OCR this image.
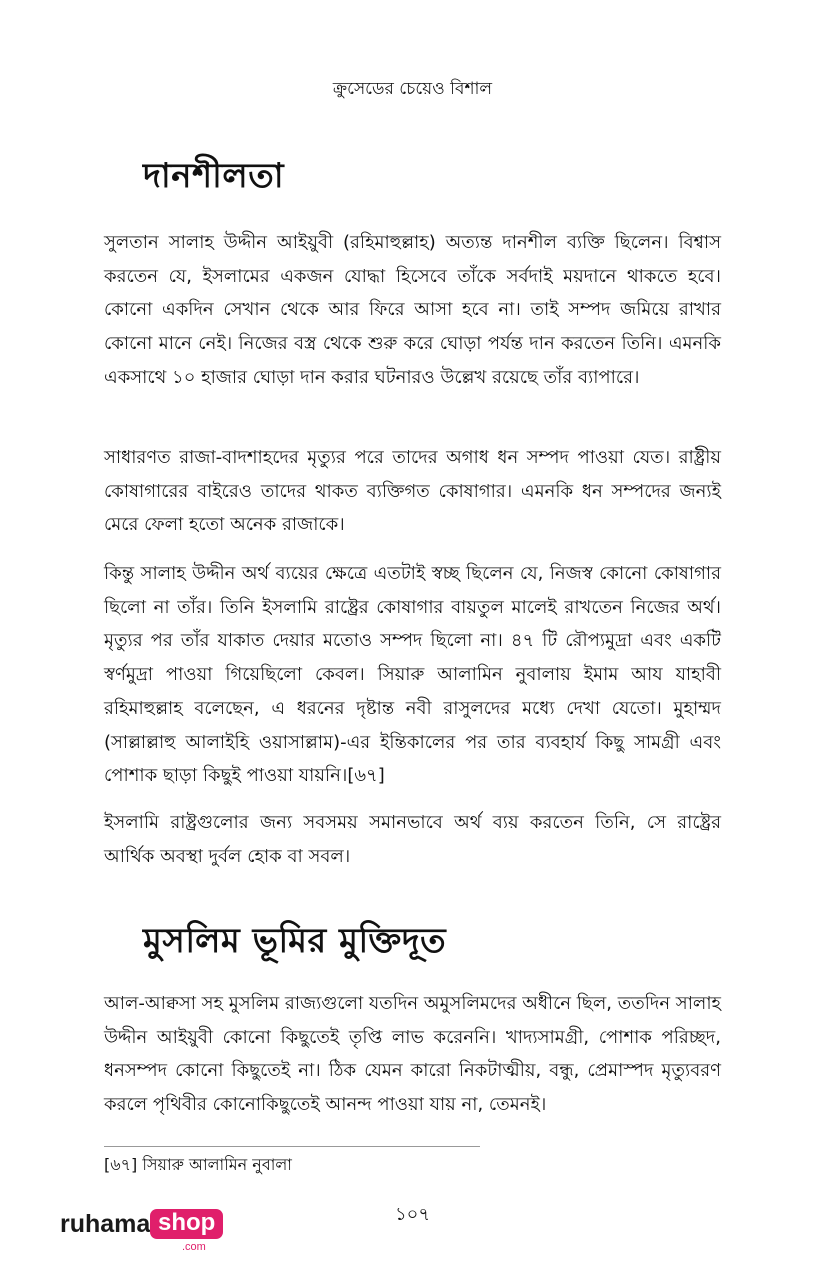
ক্রুসেডের চেয়েও বিশাল
দানশীলতা

সুলতান সালাহ উদ্দীন আইয়ুবী (রহিমাহুল্লাহ) অত্যন্ত দানশীল ব্যক্তি ছিলেন। বিশ্বাস করতেন যে, ইসলামের একজন যোদ্ধা হিসেবে তাঁকে সর্বদাই ময়দানে থাকতে হবে। কোনো একদিন সেখান থেকে আর ফিরে আসা হবে না। তাই সম্পদ জমিয়ে রাখার কোনো মানে নেই। নিজের বস্ত্র থেকে শুরু করে ঘোড়া পর্যন্ত দান করতেন তিনি। এমনকি একসাথে ১০ হাজার ঘোড়া দান করার ঘটনারও উল্লেখ রয়েছে তাঁর ব্যাপারে।

সাধারণত রাজা-বাদশাহদের মৃত্যুর পরে তাদের অগাধ ধন সম্পদ পাওয়া যেত। রাষ্ট্রীয় কোষাগারের বাইরেও তাদের থাকত ব্যক্তিগত কোষাগার। এমনকি ধন সম্পদের জন্যই মেরে ফেলা হতো অনেক রাজাকে।

কিন্তু সালাহ উদ্দীন অর্থ ব্যয়ের ক্ষেত্রে এতটাই স্বচ্ছ ছিলেন যে, নিজস্ব কোনো কোষাগার ছিলো না তাঁর। তিনি ইসলামি রাষ্ট্রের কোষাগার বায়তুল মালেই রাখতেন নিজের অর্থ। মৃত্যুর পর তাঁর যাকাত দেয়ার মতোও সম্পদ ছিলো না। ৪৭ টি রৌপ্যমুদ্রা এবং একটি স্বর্ণমুদ্রা পাওয়া গিয়েছিলো কেবল। সিয়ারু আলামিন নুবালায় ইমাম আয যাহাবী রহিমাহুল্লাহ বলেছেন, এ ধরনের দৃষ্টান্ত নবী রাসুলদের মধ্যে দেখা যেতো। মুহাম্মদ (সাল্লাল্লাহু আলাইহি ওয়াসাল্লাম)-এর ইন্তিকালের পর তার ব্যবহার্য কিছু সামগ্রী এবং পোশাক ছাড়া কিছুই পাওয়া যায়নি।[৬৭]

ইসলামি রাষ্ট্রগুলোর জন্য সবসময় সমানভাবে অর্থ ব্যয় করতেন তিনি, সে রাষ্ট্রের আর্থিক অবস্থা দুর্বল হোক বা সবল।

মুসলিম ভূমির মুক্তিদূত

আল-আক্বসা সহ মুসলিম রাজ্যগুলো যতদিন অমুসলিমদের অধীনে ছিল, ততদিন সালাহ উদ্দীন আইয়ুবী কোনো কিছুতেই তৃপ্তি লাভ করেননি। খাদ্যসামগ্রী, পোশাক পরিচ্ছদ, ধনসম্পদ কোনো কিছুতেই না। ঠিক যেমন কারো নিকটাত্মীয়, বন্ধু, প্রেমাস্পদ মৃত্যুবরণ করলে পৃথিবীর কোনোকিছুতেই আনন্দ পাওয়া যায় না, তেমনই।

[৬৭] সিয়ারু আলামিন নুবালা
১০৭
ruhama shop
.com
